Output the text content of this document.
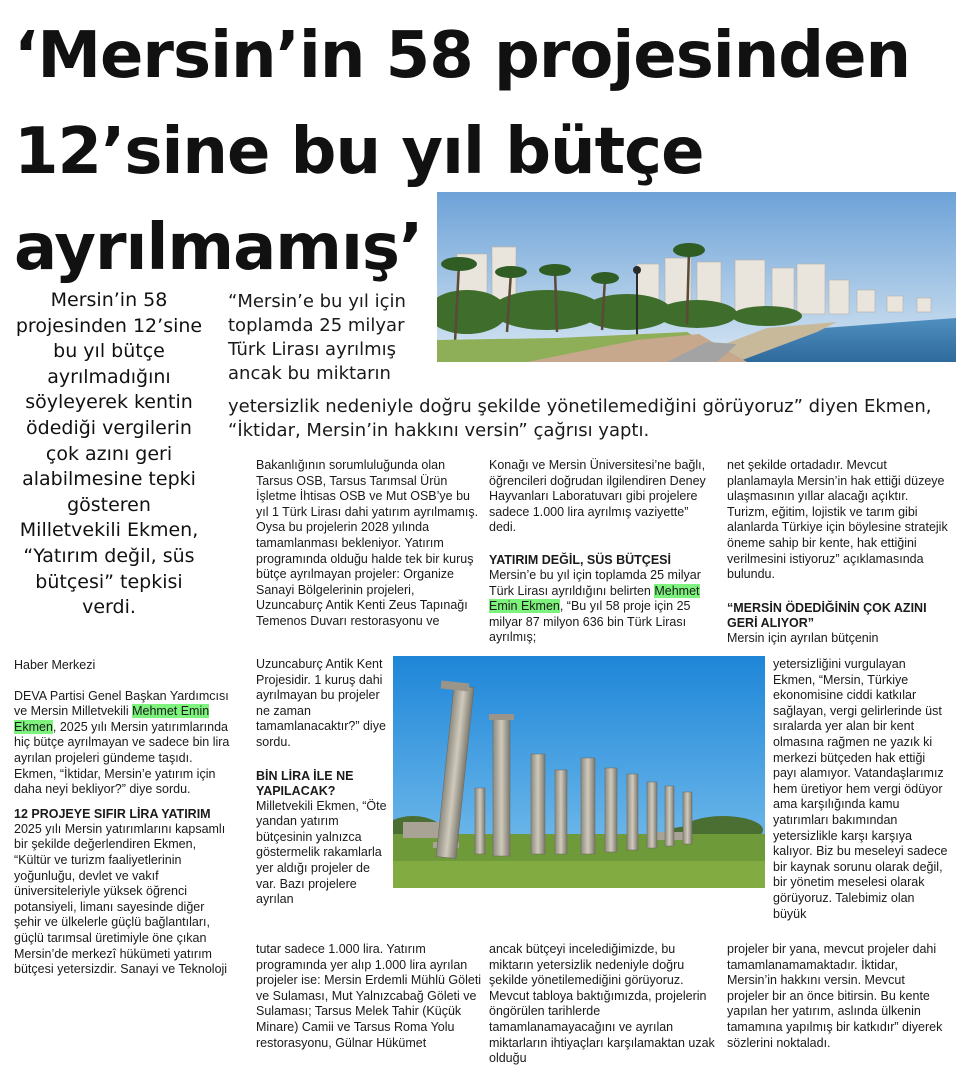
‘Mersin’in 58 projesinden
12’sine bu yıl bütçe
ayrılmamış’

Mersin’in 58 projesinden 12’sine bu yıl bütçe ayrılmadığını söyleyerek kentin ödediği vergilerin çok azını geri alabilmesine tepki gösteren Milletvekili Ekmen, “Yatırım değil, süs bütçesi” tepkisi verdi.

“Mersin’e bu yıl için toplamda 25 milyar Türk Lirası ayrılmış ancak bu miktarın

yetersizlik nedeniyle doğru şekilde yönetilemediğini görüyoruz” diyen Ekmen, “İktidar, Mersin’in hakkını versin” çağrısı yaptı.

Haber Merkezi

DEVA Partisi Genel Başkan Yardımcısı ve Mersin Milletvekili Mehmet Emin Ekmen, 2025 yılı Mersin yatırımlarında hiç bütçe ayrılmayan ve sadece bin lira ayrılan projeleri gündeme taşıdı. Ekmen, “İktidar, Mersin’e yatırım için daha neyi bekliyor?” diye sordu.

12 PROJEYE SIFIR LİRA YATIRIM

2025 yılı Mersin yatırımlarını kapsamlı bir şekilde değerlendiren Ekmen, “Kültür ve turizm faaliyetlerinin yoğunluğu, devlet ve vakıf üniversiteleriyle yüksek öğrenci potansiyeli, limanı sayesinde diğer şehir ve ülkelerle güçlü bağlantıları, güçlü tarımsal üretimiyle öne çıkan Mersin’de merkezî hükümeti yatırım bütçesi yetersizdir. Sanayi ve Teknoloji

Bakanlığının sorumluluğunda olan Tarsus OSB, Tarsus Tarımsal Ürün İşletme İhtisas OSB ve Mut OSB’ye bu yıl 1 Türk Lirası dahi yatırım ayrılmamış. Oysa bu projelerin 2028 yılında tamamlanması bekleniyor. Yatırım programında olduğu halde tek bir kuruş bütçe ayrılmayan projeler: Organize Sanayi Bölgelerinin projeleri, Uzuncaburç Antik Kenti Zeus Tapınağı Temenos Duvarı restorasyonu ve

Uzuncaburç Antik Kent Projesidir. 1 kuruş dahi ayrılmayan bu projeler ne zaman tamamlanacaktır?” diye sordu.

BİN LİRA İLE NE YAPILACAK?

Milletvekili Ekmen, “Öte yandan yatırım bütçesinin yalnızca göstermelik rakamlarla yer aldığı projeler de var. Bazı projelere ayrılan

tutar sadece 1.000 lira. Yatırım programında yer alıp 1.000 lira ayrılan projeler ise: Mersin Erdemli Mühlü Göleti ve Sulaması, Mut Yalnızcabağ Göleti ve Sulaması; Tarsus Melek Tahir (Küçük Minare) Camii ve Tarsus Roma Yolu restorasyonu, Gülnar Hükümet

Konağı ve Mersin Üniversitesi’ne bağlı, öğrencileri doğrudan ilgilendiren Deney Hayvanları Laboratuvarı gibi projelere sadece 1.000 lira ayrılmış vaziyette” dedi.

YATIRIM DEĞİL, SÜS BÜTÇESİ

Mersin’e bu yıl için toplamda 25 milyar Türk Lirası ayrıldığını belirten Mehmet Emin Ekmen, “Bu yıl 58 proje için 25 milyar 87 milyon 636 bin Türk Lirası ayrılmış;

ancak bütçeyi incelediğimizde, bu miktarın yetersizlik nedeniyle doğru şekilde yönetilemediğini görüyoruz. Mevcut tabloya baktığımızda, projelerin öngörülen tarihlerde tamamlanamayacağını ve ayrılan miktarların ihtiyaçları karşılamaktan uzak olduğu

net şekilde ortadadır. Mevcut planlamayla Mersin’in hak ettiği düzeye ulaşmasının yıllar alacağı açıktır. Turizm, eğitim, lojistik ve tarım gibi alanlarda Türkiye için böylesine stratejik öneme sahip bir kente, hak ettiğini verilmesini istiyoruz” açıklamasında bulundu.

“MERSİN ÖDEDİĞİNİN ÇOK AZINI GERİ ALIYOR”

Mersin için ayrılan bütçenin

yetersizliğini vurgulayan Ekmen, “Mersin, Türkiye ekonomisine ciddi katkılar sağlayan, vergi gelirlerinde üst sıralarda yer alan bir kent olmasına rağmen ne yazık ki merkezi bütçeden hak ettiği payı alamıyor. Vatandaşlarımız hem üretiyor hem vergi ödüyor ama karşılığında kamu yatırımları bakımından yetersizlikle karşı karşıya kalıyor. Biz bu meseleyi sadece bir kaynak sorunu olarak değil, bir yönetim meselesi olarak görüyoruz. Talebimiz olan büyük

projeler bir yana, mevcut projeler dahi tamamlanamamaktadır. İktidar, Mersin’in hakkını versin. Mevcut projeler bir an önce bitirsin. Bu kente yapılan her yatırım, aslında ülkenin tamamına yapılmış bir katkıdır” diyerek sözlerini noktaladı.
